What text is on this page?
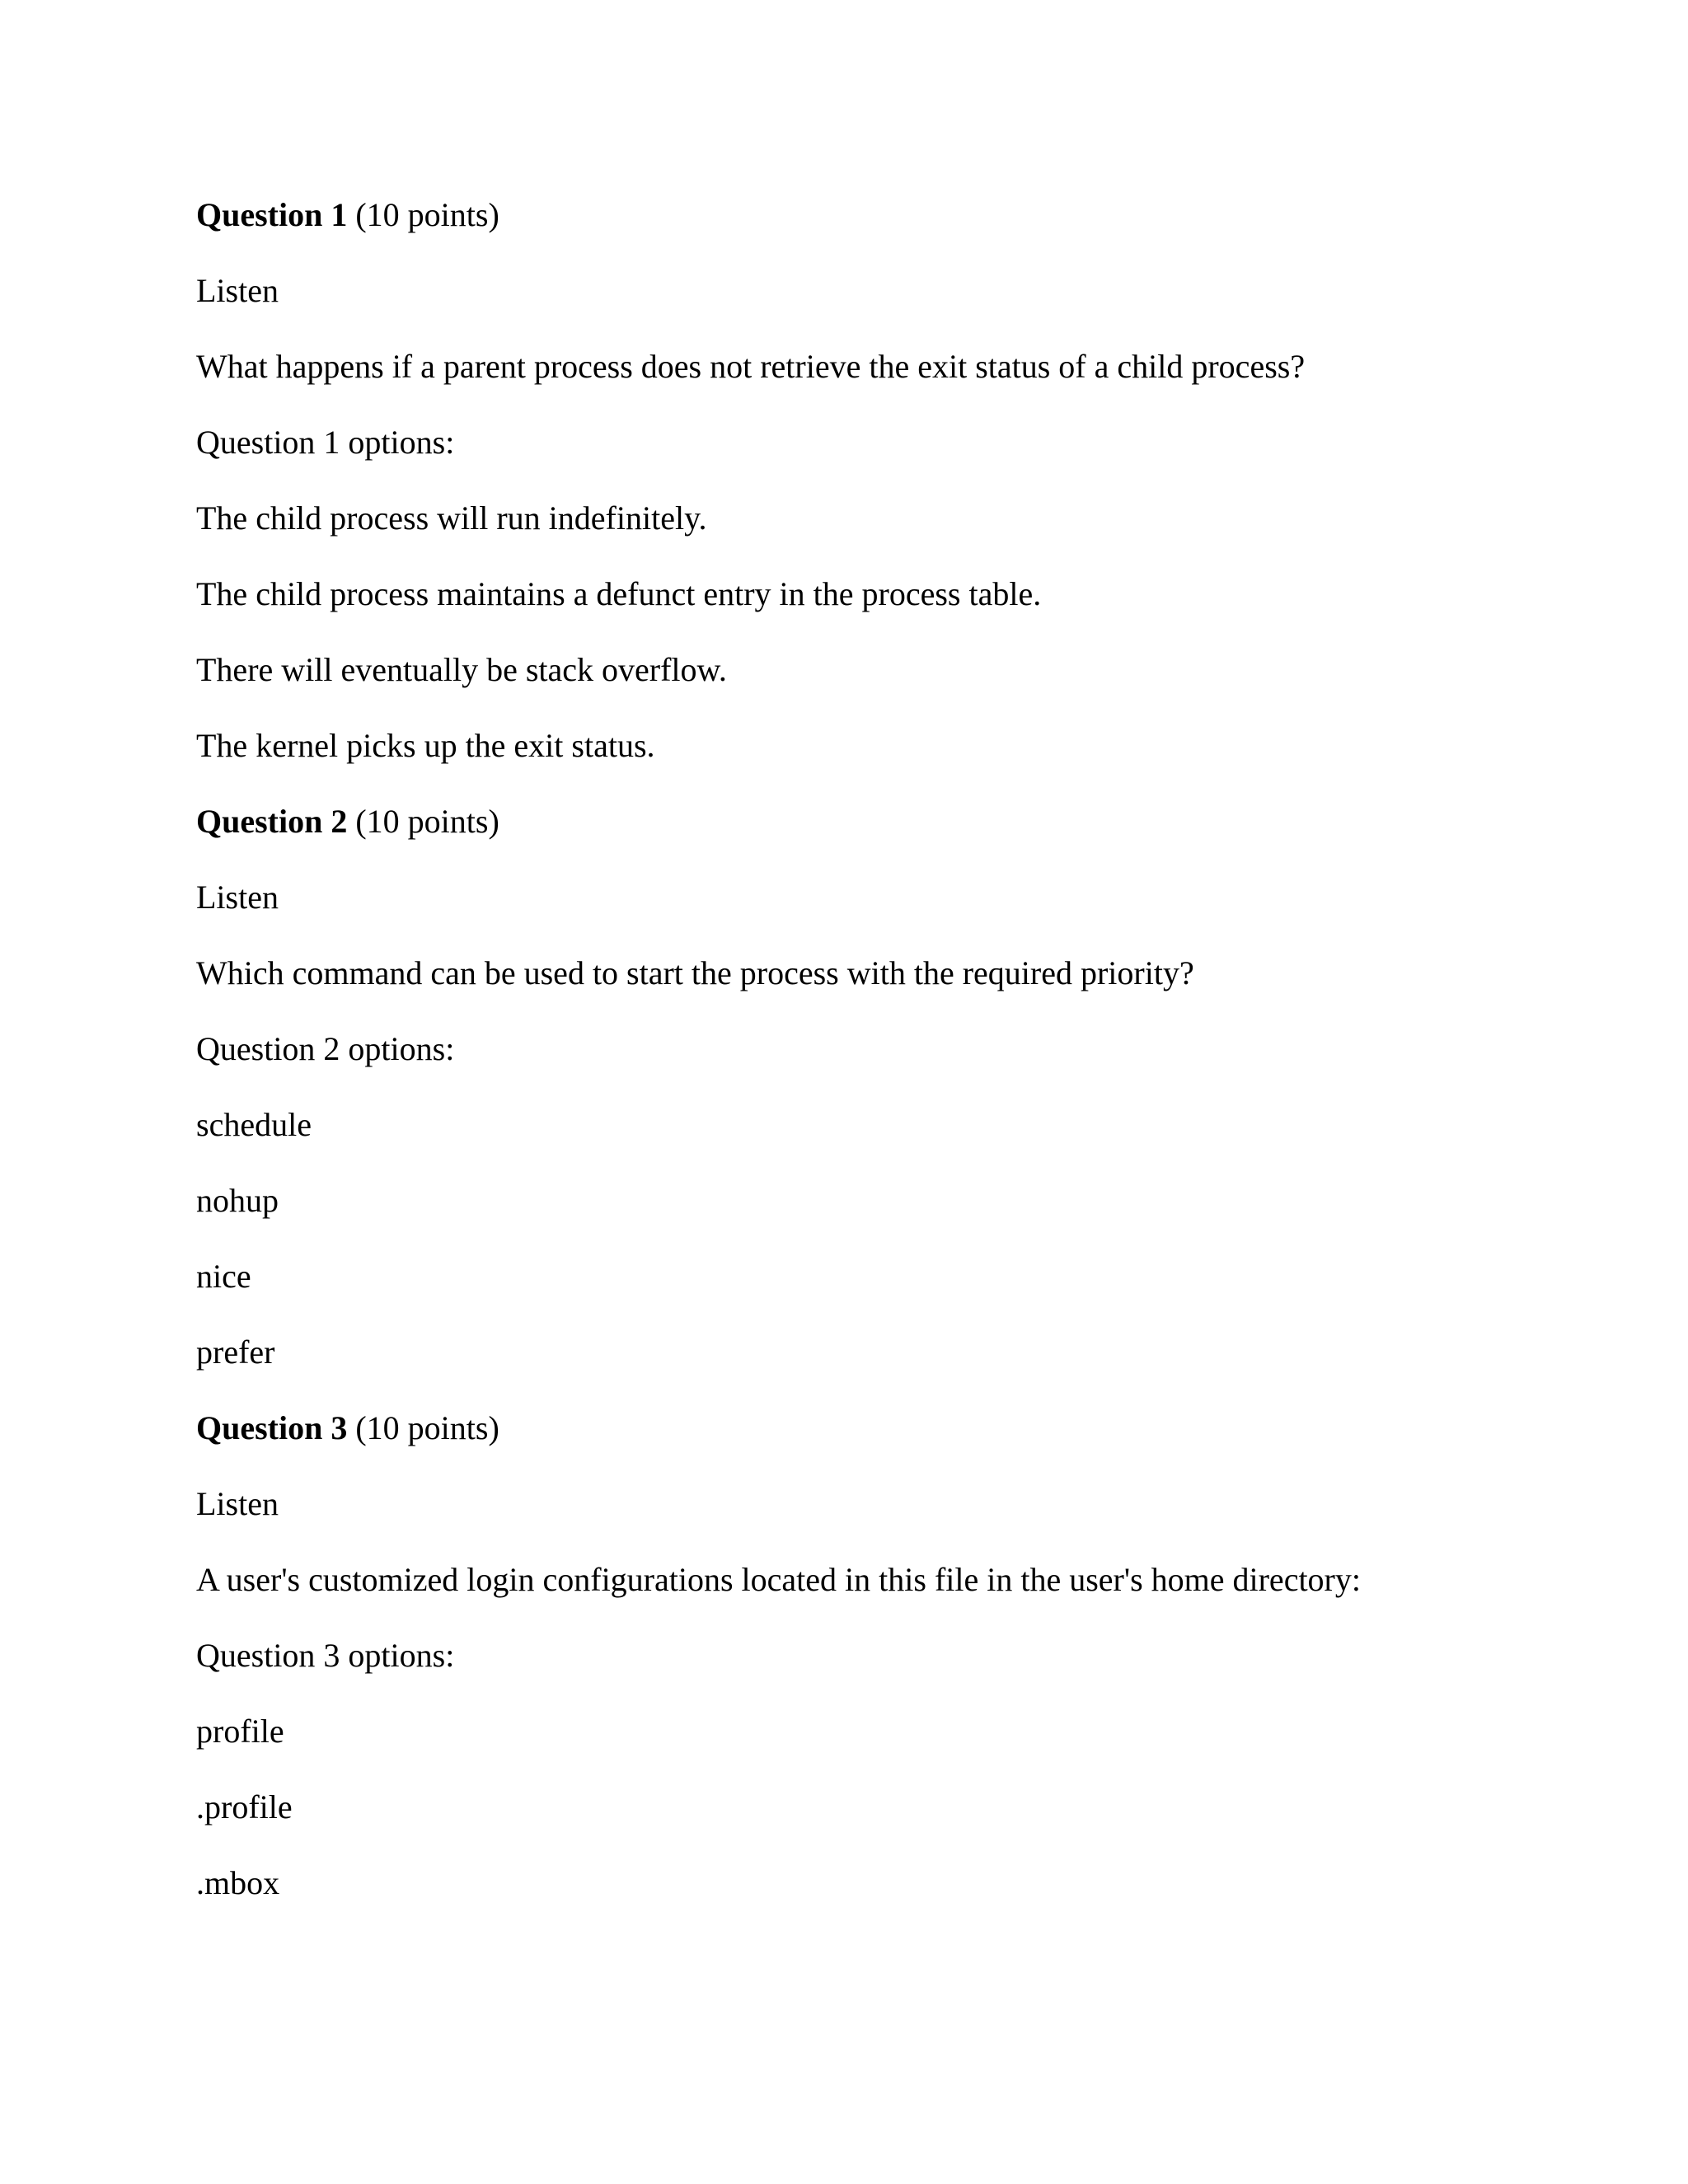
Question 1 (10 points)
Listen
What happens if a parent process does not retrieve the exit status of a child process?
Question 1 options:
The child process will run indefinitely.
The child process maintains a defunct entry in the process table.
There will eventually be stack overflow.
The kernel picks up the exit status.
Question 2 (10 points)
Listen
Which command can be used to start the process with the required priority?
Question 2 options:
schedule
nohup
nice
prefer
Question 3 (10 points)
Listen
A user's customized login configurations located in this file in the user's home directory:
Question 3 options:
profile
.profile
.mbox
